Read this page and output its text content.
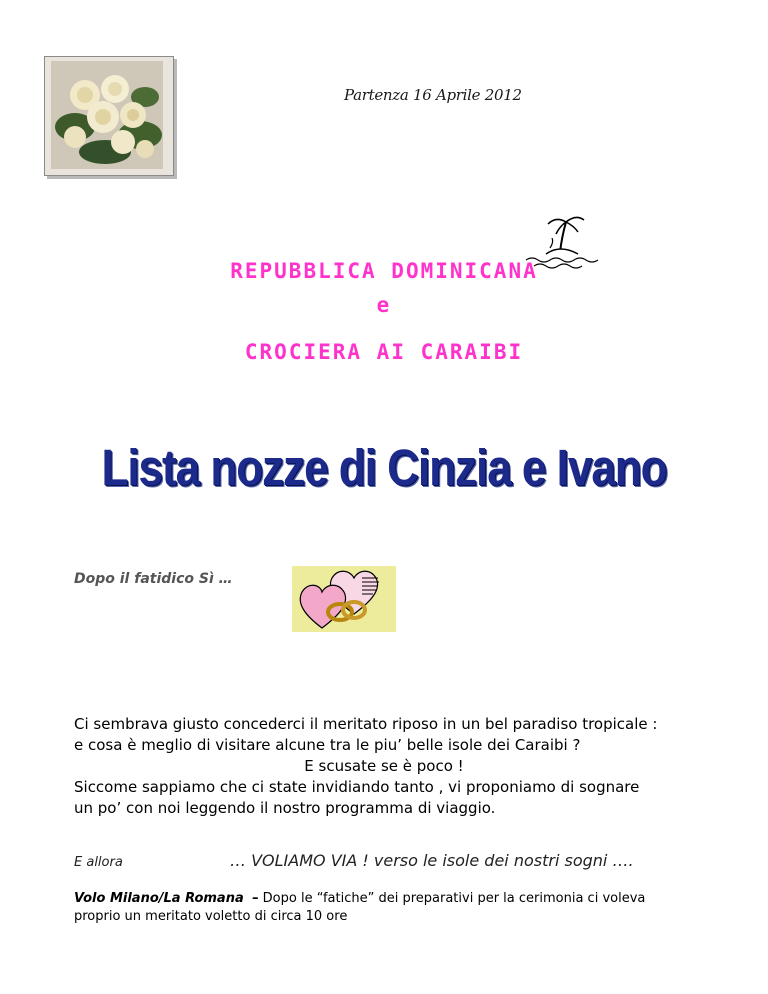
Partenza 16 Aprile 2012
REPUBBLICA DOMINICANA
e
CROCIERA AI CARAIBI
Lista nozze di Cinzia e Ivano
Dopo il fatidico Sì …
Ci sembrava giusto concederci il meritato riposo in un bel paradiso tropicale :
e cosa è meglio di visitare alcune tra le piu’ belle isole dei Caraibi ?
E scusate se è poco !
Siccome sappiamo che ci state invidiando tanto , vi proponiamo di sognare
un po’ con noi leggendo il nostro programma di viaggio.
E allora	… VOLIAMO VIA ! verso le isole dei nostri sogni ….
Volo Milano/La Romana – Dopo le “fatiche” dei preparativi per la cerimonia ci voleva
proprio un meritato voletto di circa 10 ore
